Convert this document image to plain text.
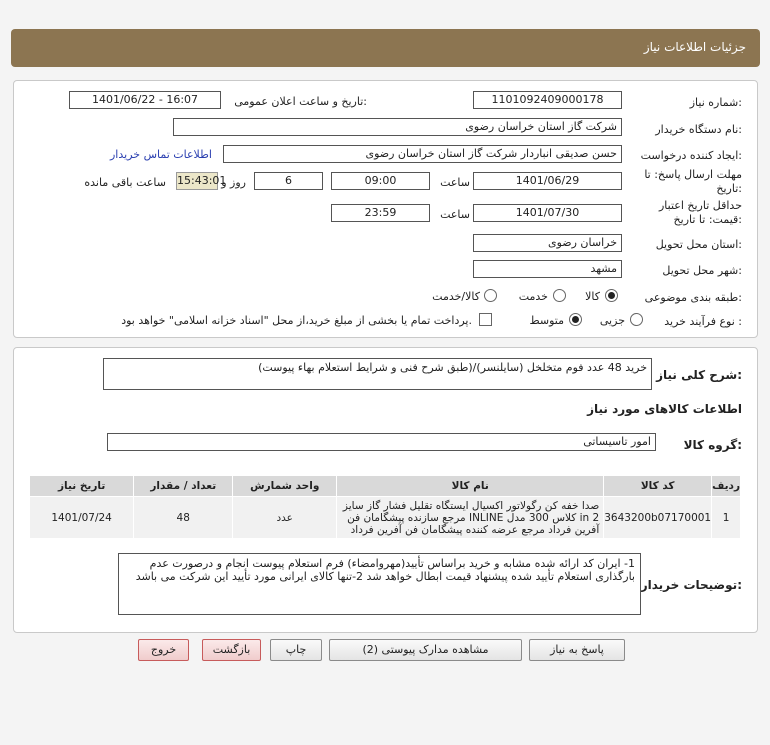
جزئیات اطلاعات نیاز
شماره نیاز:
1101092409000178
تاریخ و ساعت اعلان عمومی:
1401/06/22 - 16:07
نام دستگاه خریدار:
شرکت گاز استان خراسان رضوی
ایجاد کننده درخواست:
حسن صدیقی انباردار شرکت گاز استان خراسان رضوی
اطلاعات تماس خریدار
مهلت ارسال پاسخ: تا
تاریخ:
1401/06/29
ساعت
09:00
6
روز و
15:43:01
ساعت باقی مانده
حداقل تاریخ اعتبار
قیمت: تا تاریخ:
1401/07/30
ساعت
23:59
استان محل تحویل:
خراسان رضوی
شهر محل تحویل:
مشهد
طبقه بندی موضوعی:
کالا
خدمت
کالا/خدمت
نوع فرآیند خرید :
جزیی
متوسط
پرداخت تمام یا بخشی از مبلغ خرید،از محل "اسناد خزانه اسلامی" خواهد بود.
شرح کلی نیاز:
خرید 48 عدد فوم متخلخل (سایلنسر)/(طبق شرح فنی و شرایط استعلام بهاء پیوست)
اطلاعات کالاهای مورد نیاز
گروه کالا:
امور تاسیساتی
ردیف	کد کالا	نام کالا	واحد شمارش	تعداد / مقدار	تاریخ نیاز
1	3643200b07170001	صدا خفه کن رگولاتور اکسیال ایستگاه تقلیل فشار گاز سایز 2 in کلاس 300 مدل INLINE مرجع سازنده پیشگامان فن آفرین فرداد مرجع عرضه کننده پیشگامان فن آفرین فرداد	عدد	48	1401/07/24
توضیحات خریدار:
1- ایران کد ارائه شده مشابه و خرید براساس تأیید(مهروامضاء) فرم استعلام پیوست انجام و درصورت عدم بارگذاری استعلام تأیید شده پیشنهاد قیمت ابطال خواهد شد 2-تنها کالای ایرانی مورد تأیید این شرکت می باشد
پاسخ به نیاز
مشاهده مدارک پیوستی (2)
چاپ
بازگشت
خروج
